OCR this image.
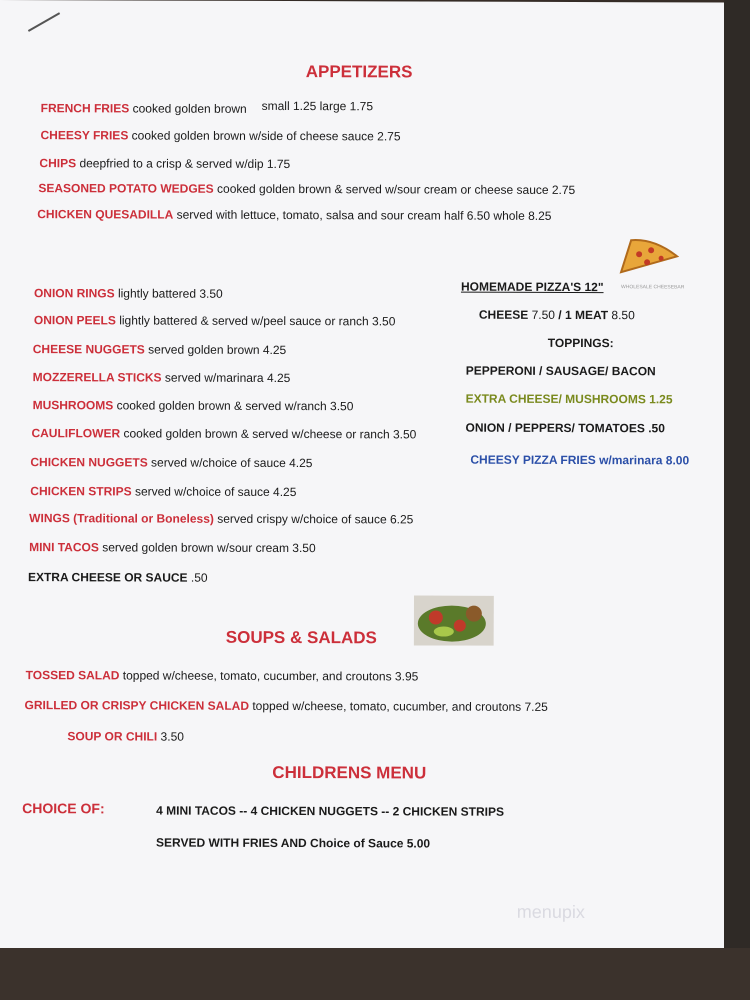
APPETIZERS
FRENCH FRIES cooked golden brown small 1.25 large 1.75
CHEESY FRIES cooked golden brown w/side of cheese sauce 2.75
CHIPS deepfried to a crisp & served w/dip 1.75
SEASONED POTATO WEDGES cooked golden brown & served w/sour cream or cheese sauce 2.75
CHICKEN QUESADILLA served with lettuce, tomato, salsa and sour cream half 6.50 whole 8.25
HOMEMADE PIZZA'S 12"	WHOLESALE CHEESEBAR
ONION RINGS lightly battered 3.50
CHEESE 7.50 / 1 MEAT 8.50
ONION PEELS lightly battered & served w/peel sauce or ranch 3.50
TOPPINGS:
CHEESE NUGGETS served golden brown 4.25
PEPPERONI / SAUSAGE/ BACON
MOZZERELLA STICKS served w/marinara 4.25
EXTRA CHEESE/ MUSHROOMS 1.25
MUSHROOMS cooked golden brown & served w/ranch 3.50
ONION / PEPPERS/ TOMATOES .50
CAULIFLOWER cooked golden brown & served w/cheese or ranch 3.50
CHEESY PIZZA FRIES w/marinara 8.00
CHICKEN NUGGETS served w/choice of sauce 4.25
CHICKEN STRIPS served w/choice of sauce 4.25
WINGS (Traditional or Boneless) served crispy w/choice of sauce 6.25
MINI TACOS served golden brown w/sour cream 3.50
EXTRA CHEESE OR SAUCE .50
SOUPS & SALADS
TOSSED SALAD topped w/cheese, tomato, cucumber, and croutons 3.95
GRILLED OR CRISPY CHICKEN SALAD topped w/cheese, tomato, cucumber, and croutons 7.25
SOUP OR CHILI 3.50
CHILDRENS MENU
CHOICE OF:	4 MINI TACOS -- 4 CHICKEN NUGGETS -- 2 CHICKEN STRIPS
SERVED WITH FRIES AND Choice of Sauce 5.00
menupix
